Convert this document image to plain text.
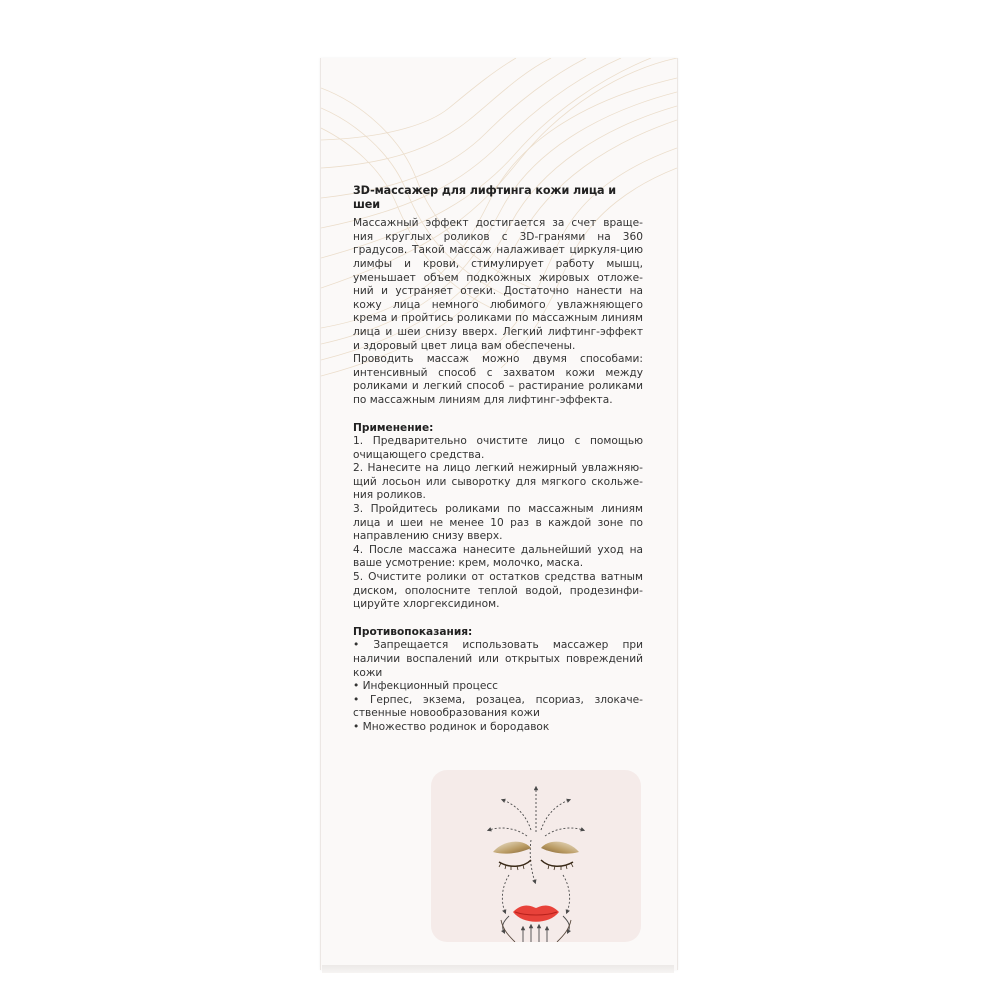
3D-массажер для лифтинга кожи лица и шеи

Массажный эффект достигается за счет враще-ния круглых роликов с 3D-гранями на 360 градусов. Такой массаж налаживает циркуля-цию лимфы и крови, стимулирует работу мышц, уменьшает объем подкожных жировых отложе-ний и устраняет отеки. Достаточно нанести на кожу лица немного любимого увлажняющего крема и пройтись роликами по массажным линиям лица и шеи снизу вверх. Легкий лифтинг-эффект и здоровый цвет лица вам обеспечены.

Проводить массаж можно двумя способами: интенсивный способ с захватом кожи между роликами и легкий способ – растирание роликами по массажным линиям для лифтинг-эффекта.

Применение:

1. Предварительно очистите лицо с помощью очищающего средства.

2. Нанесите на лицо легкий нежирный увлажняю-щий лосьон или сыворотку для мягкого скольже-ния роликов.

3. Пройдитесь роликами по массажным линиям лица и шеи не менее 10 раз в каждой зоне по направлению снизу вверх.

4. После массажа нанесите дальнейший уход на ваше усмотрение: крем, молочко, маска.

5. Очистите ролики от остатков средства ватным диском, ополосните теплой водой, продезинфи-цируйте хлоргексидином.

Противопоказания:

• Запрещается использовать массажер при наличии воспалений или открытых повреждений кожи

• Инфекционный процесс

• Герпес, экзема, розацеа, псориаз, злокаче-ственные новообразования кожи

• Множество родинок и бородавок
